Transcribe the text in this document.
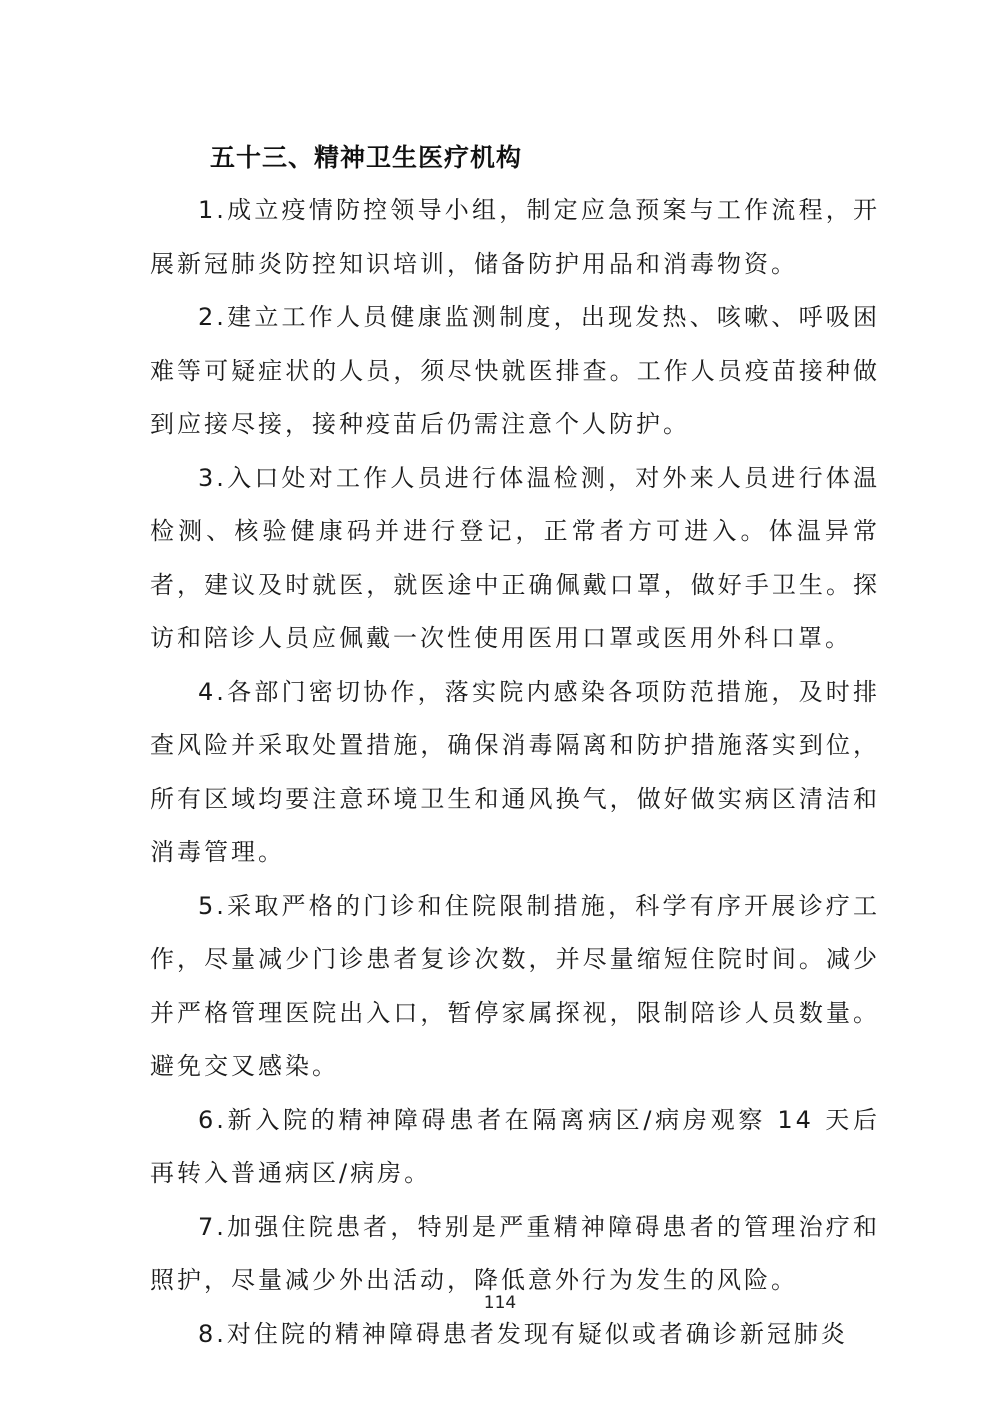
五十三、精神卫生医疗机构

1.成立疫情防控领导小组，制定应急预案与工作流程，开展新冠肺炎防控知识培训，储备防护用品和消毒物资。

2.建立工作人员健康监测制度，出现发热、咳嗽、呼吸困难等可疑症状的人员，须尽快就医排查。工作人员疫苗接种做到应接尽接，接种疫苗后仍需注意个人防护。

3.入口处对工作人员进行体温检测，对外来人员进行体温检测、核验健康码并进行登记，正常者方可进入。体温异常者，建议及时就医，就医途中正确佩戴口罩，做好手卫生。探访和陪诊人员应佩戴一次性使用医用口罩或医用外科口罩。

4.各部门密切协作，落实院内感染各项防范措施，及时排查风险并采取处置措施，确保消毒隔离和防护措施落实到位，所有区域均要注意环境卫生和通风换气，做好做实病区清洁和消毒管理。

5.采取严格的门诊和住院限制措施，科学有序开展诊疗工作，尽量减少门诊患者复诊次数，并尽量缩短住院时间。减少并严格管理医院出入口，暂停家属探视，限制陪诊人员数量。避免交叉感染。

6.新入院的精神障碍患者在隔离病区/病房观察 14 天后再转入普通病区/病房。

7.加强住院患者，特别是严重精神障碍患者的管理治疗和照护，尽量减少外出活动，降低意外行为发生的风险。

8.对住院的精神障碍患者发现有疑似或者确诊新冠肺炎

114
